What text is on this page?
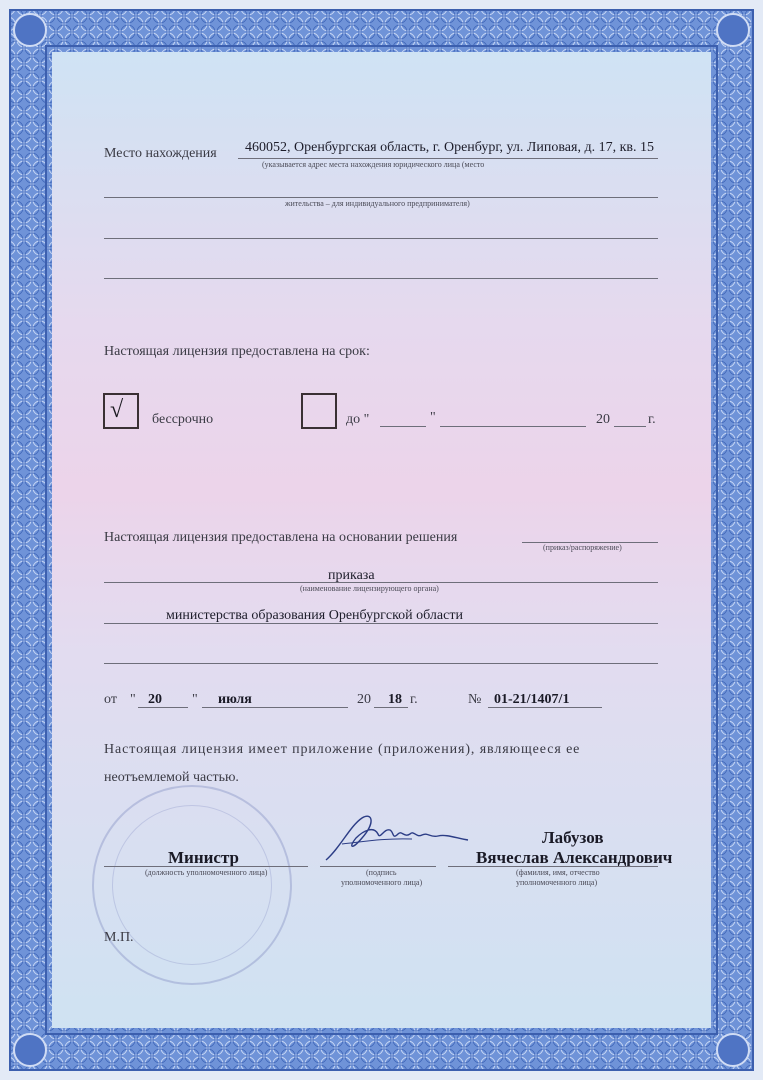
Место нахождения 460052, Оренбургская область, г. Оренбург, ул. Липовая, д. 17, кв. 15
(указывается адрес места нахождения юридического лица (место
жительства – для индивидуального предпринимателя)
Настоящая лицензия предоставлена на срок:
√ бессрочно	до "	"	20	г.
Настоящая лицензия предоставлена на основании решения
(приказ/распоряжение)
приказа
(наименование лицензирующего органа)
министерства образования Оренбургской области
от " 20 " июля	20 18 г.	№ 01-21/1407/1
Настоящая лицензия имеет приложение (приложения), являющееся ее
неотъемлемой частью.
Министр
(должность уполномоченного лица)	(подпись
уполномоченного лица)
Лабузов
Вячеслав Александрович
(фамилия, имя, отчество
уполномоченного лица)
М.П.
